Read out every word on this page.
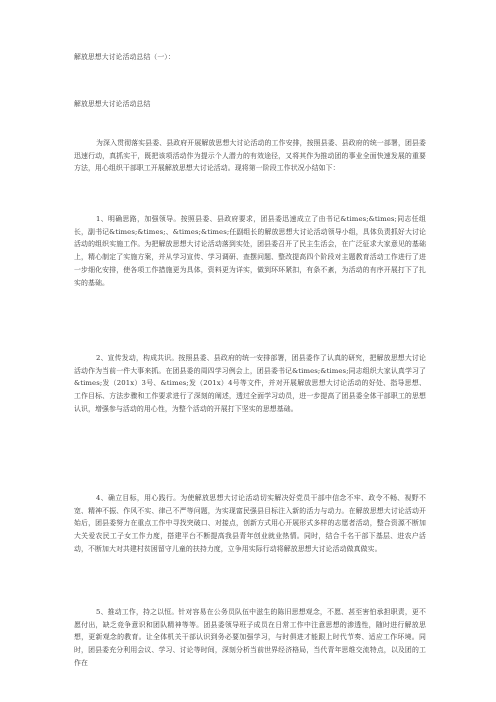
解放思想大讨论活动总结（一）：
解放思想大讨论活动总结
为深入贯彻落实县委、县政府开展解放思想大讨论活动的工作安排，按照县委、县政府的统一部署，团县委迅速行动，真抓实干，既把该项活动作为提示个人潜力的有效途径，又将其作为推动团的事业全面快速发展的重要方法，用心组织干部职工开展解放思想大讨论活动。现将第一阶段工作状况小结如下：
1、明确思路，加强领导。按照县委、县政府要求，团县委迅速成立了由书记&times;&times;同志任组长，副书记&times;&times;、&times;&times;任副组长的解放思想大讨论活动领导小组，具体负责抓好大讨论活动的组织实施工作。为把解放思想大讨论活动落到实处，团县委召开了民主生活会，在广泛征求大家意见的基础上，精心制定了实施方案，并从学习宣传、学习调研、查摆问题、整改提高四个阶段对主题教育活动工作进行了进一步细化安排，使各项工作措施更为具体，资料更为详实，做到环环紧扣，有条不紊，为活动的有序开展打下了扎实的基础。
2、宣传发动，构成共识。按照县委、县政府的统一安排部署，团县委作了认真的研究，把解放思想大讨论活动作为当前一件大事来抓。在团县委的周四学习例会上，团县委书记&times;&times;同志组织大家认真学习了&times;发（201x）3号、&times;发（201x）4号等文件，并对开展解放思想大讨论活动的好处、指导思想、工作目标、方法步骤和工作要求进行了深刻的阐述，透过全面学习动员，进一步提高了团县委全体干部职工的思想认识，增强参与活动的用心性，为整个活动的开展打下坚实的思想基础。
4、确立目标，用心践行。为使解放思想大讨论活动切实解决好党员干部中信念不牢、政令不畅、视野不宽、精神不振、作风不实、律己不严等问题，为实现富民强县目标注入新的活力与动力。在解放思想大讨论活动开始后，团县委努力在重点工作中寻找突破口、对接点，创新方式用心开展形式多样的志愿者活动，整合资源不断加大关爱农民工子女工作力度，搭建平台不断提高我县青年创业就业热情。同时，结合千名干部下基层、进农户活动，不断加大对共建村贫困留守儿童的扶持力度，立争用实际行动将解放思想大讨论活动做真做实。
5、推动工作，持之以恒。针对容易在公务员队伍中滋生的陈旧思想观念，不愿、甚至害怕承担职责，更不愿付出，缺乏竞争意识和团队精神等等。团县委领导班子成员在日常工作中注意思想的渗透性，随时进行解放思想，更新观念的教育。让全体机关干部认识到务必要加强学习，与时俱进才能跟上时代节奏、适应工作环境。同时，团县委充分利用会议、学习、讨论等时间，深刻分析当前世界经济格局，当代青年思维交流特点，以及团的工作在
